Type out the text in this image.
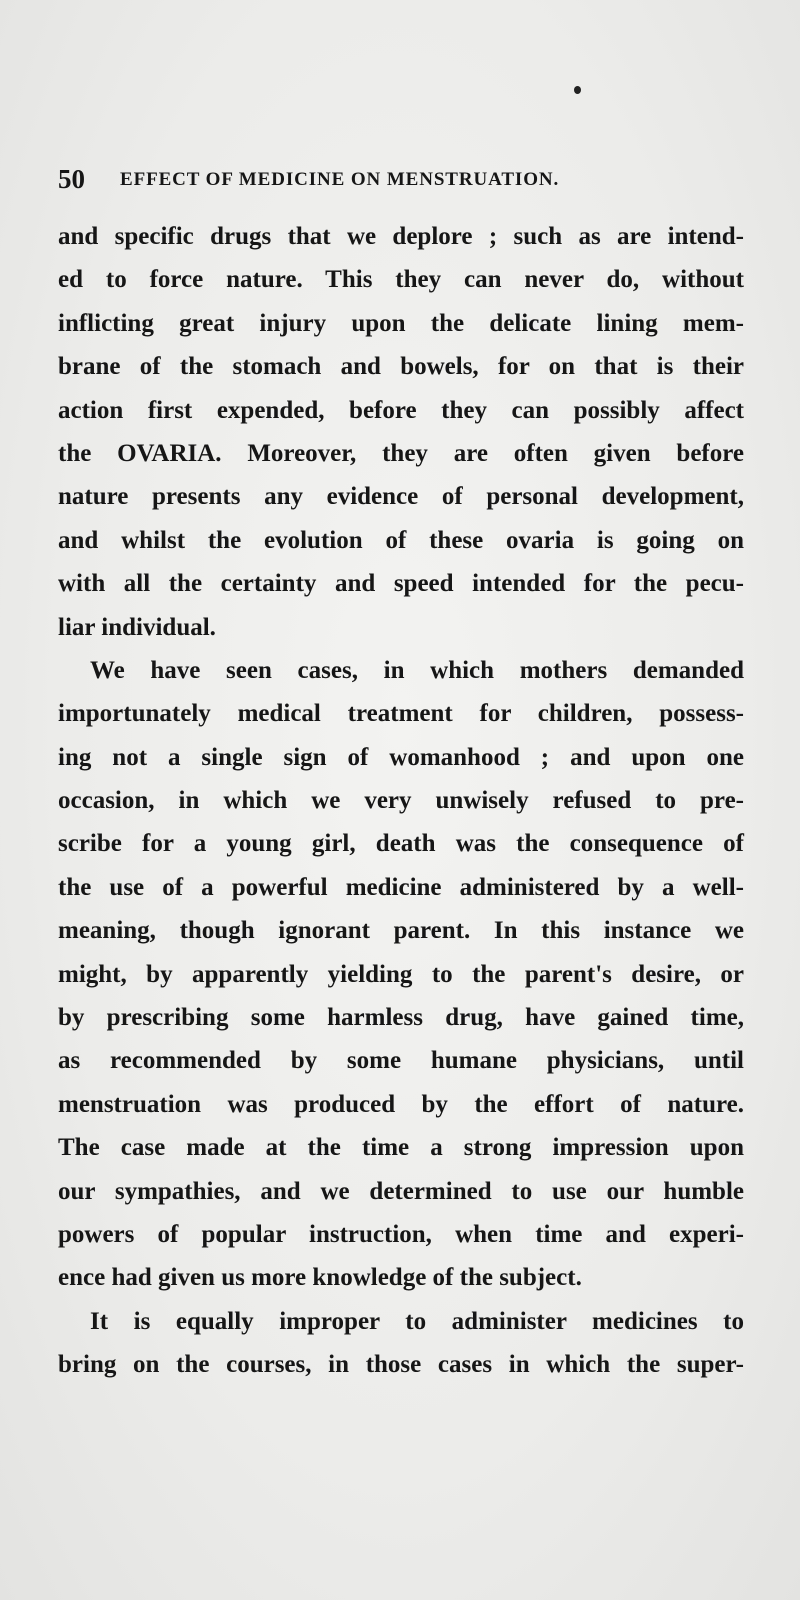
50 EFFECT OF MEDICINE ON MENSTRUATION.
and specific drugs that we deplore ; such as are intend-
ed to force nature. This they can never do, without
inflicting great injury upon the delicate lining mem-
brane of the stomach and bowels, for on that is their
action first expended, before they can possibly affect
the OVARIA. Moreover, they are often given before
nature presents any evidence of personal development,
and whilst the evolution of these ovaria is going on
with all the certainty and speed intended for the pecu-
liar individual.
We have seen cases, in which mothers demanded
importunately medical treatment for children, possess-
ing not a single sign of womanhood ; and upon one
occasion, in which we very unwisely refused to pre-
scribe for a young girl, death was the consequence of
the use of a powerful medicine administered by a well-
meaning, though ignorant parent. In this instance we
might, by apparently yielding to the parent's desire, or
by prescribing some harmless drug, have gained time,
as recommended by some humane physicians, until
menstruation was produced by the effort of nature.
The case made at the time a strong impression upon
our sympathies, and we determined to use our humble
powers of popular instruction, when time and experi-
ence had given us more knowledge of the subject.
It is equally improper to administer medicines to
bring on the courses, in those cases in which the super-
